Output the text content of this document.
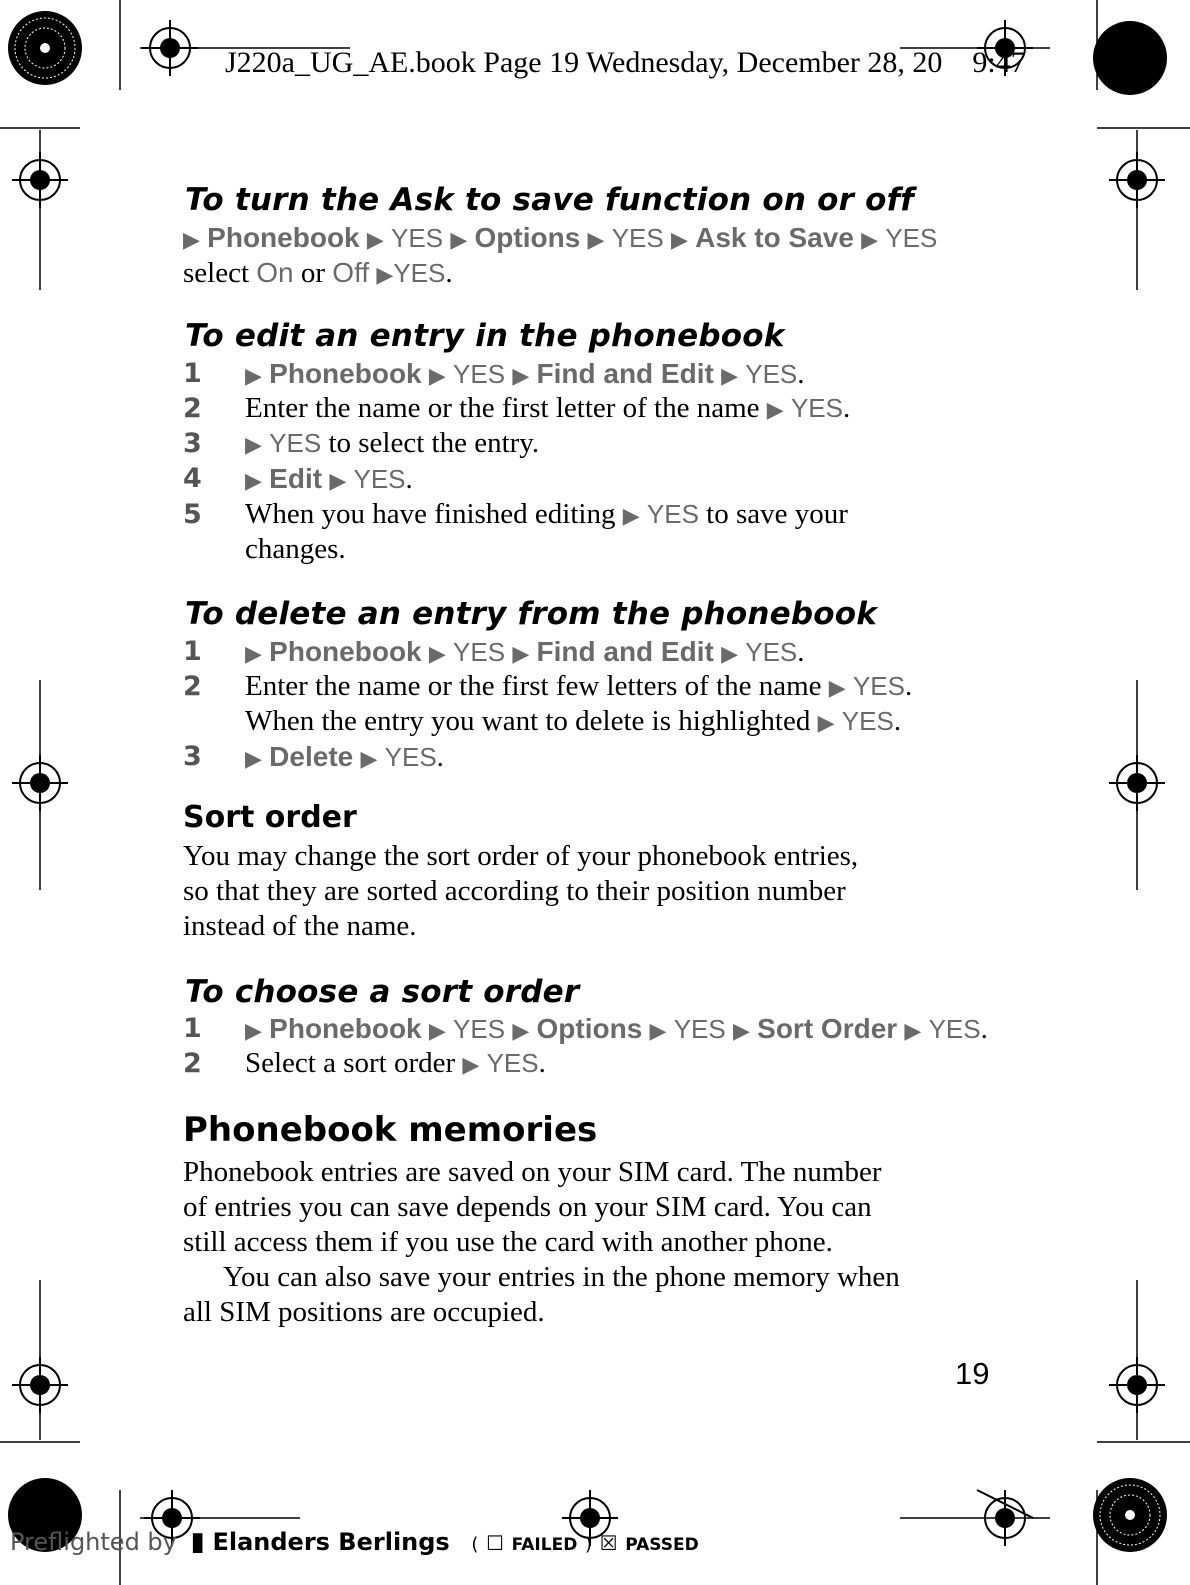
J220a_UG_AE.book Page 19 Wednesday, December 28, 20    9:47
To turn the Ask to save function on or off
▶ Phonebook ▶ YES ▶ Options ▶ YES ▶ Ask to Save ▶ YES
select On or Off ▶YES.
To edit an entry in the phonebook
1 ▶ Phonebook ▶ YES ▶ Find and Edit ▶ YES.
2 Enter the name or the first letter of the name ▶ YES.
3 ▶ YES to select the entry.
4 ▶ Edit ▶ YES.
5 When you have finished editing ▶ YES to save your
changes.
To delete an entry from the phonebook
1 ▶ Phonebook ▶ YES ▶ Find and Edit ▶ YES.
2 Enter the name or the first few letters of the name ▶ YES.
When the entry you want to delete is highlighted ▶ YES.
3 ▶ Delete ▶ YES.
Sort order
You may change the sort order of your phonebook entries,
so that they are sorted according to their position number
instead of the name.
To choose a sort order
1 ▶ Phonebook ▶ YES ▶ Options ▶ YES ▶ Sort Order ▶ YES.
2 Select a sort order ▶ YES.
Phonebook memories
Phonebook entries are saved on your SIM card. The number
of entries you can save depends on your SIM card. You can
still access them if you use the card with another phone.
You can also save your entries in the phone memory when
all SIM positions are occupied.
19
Preflighted by ▮ Elanders Berlings ( ☐ FAILED ) ☒ PASSED
